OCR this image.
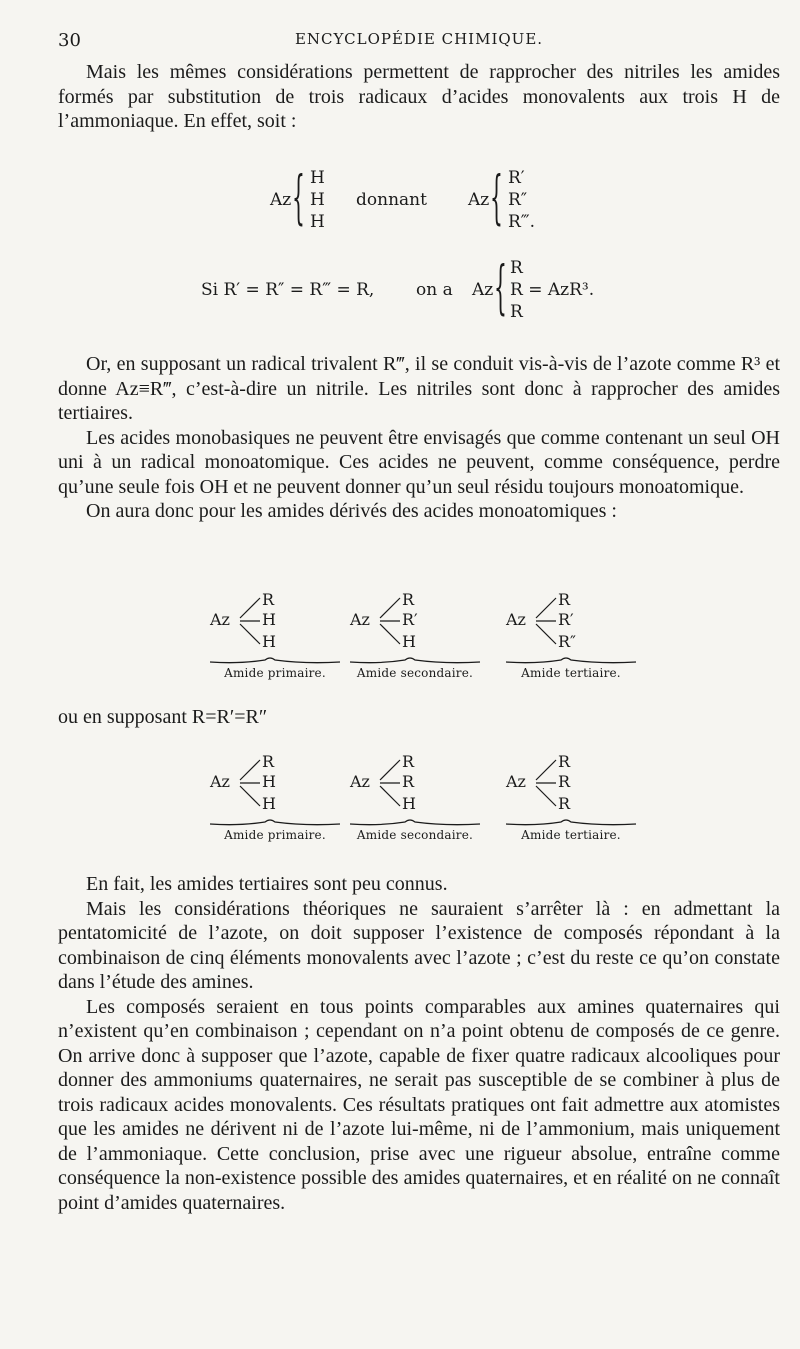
30	ENCYCLOPÉDIE CHIMIQUE.

Mais les mêmes considérations permettent de rapprocher des nitriles les amides formés par substitution de trois radicaux d’acides monovalents aux trois H de l’ammoniaque. En effet, soit :

Az { H
H
H
donnant Az { R′
R″
R‴.
Si R′ = R″ = R‴ = R, on a Az { R
R = AzR³.
R

Or, en supposant un radical trivalent R‴, il se conduit vis-à-vis de l’azote comme R³ et donne Az≡R‴, c’est-à-dire un nitrile. Les nitriles sont donc à rapprocher des amides tertiaires.

Les acides monobasiques ne peuvent être envisagés que comme contenant un seul OH uni à un radical monoatomique. Ces acides ne peuvent, comme conséquence, perdre qu’une seule fois OH et ne peuvent donner qu’un seul résidu toujours monoatomique.

On aura donc pour les amides dérivés des acides monoatomiques :

Az
R
H
H
Amide primaire.
Az
R
R′
H
Amide secondaire.
Az
R
R′
R″
Amide tertiaire.

ou en supposant R=R′=R″

Az
R
H
H
Amide primaire.
Az
R
R
H
Amide secondaire.
Az
R
R
R
Amide tertiaire.

En fait, les amides tertiaires sont peu connus.

Mais les considérations théoriques ne sauraient s’arrêter là : en admettant la pentatomicité de l’azote, on doit supposer l’existence de composés répondant à la combinaison de cinq éléments monovalents avec l’azote ; c’est du reste ce qu’on constate dans l’étude des amines.

Les composés seraient en tous points comparables aux amines quaternaires qui n’existent qu’en combinaison ; cependant on n’a point obtenu de composés de ce genre. On arrive donc à supposer que l’azote, capable de fixer quatre radicaux alcooliques pour donner des ammoniums quaternaires, ne serait pas susceptible de se combiner à plus de trois radicaux acides monovalents. Ces résultats pratiques ont fait admettre aux atomistes que les amides ne dérivent ni de l’azote lui-même, ni de l’ammonium, mais uniquement de l’ammoniaque. Cette conclusion, prise avec une rigueur absolue, entraîne comme conséquence la non-existence possible des amides quaternaires, et en réalité on ne connaît point d’amides quaternaires.
